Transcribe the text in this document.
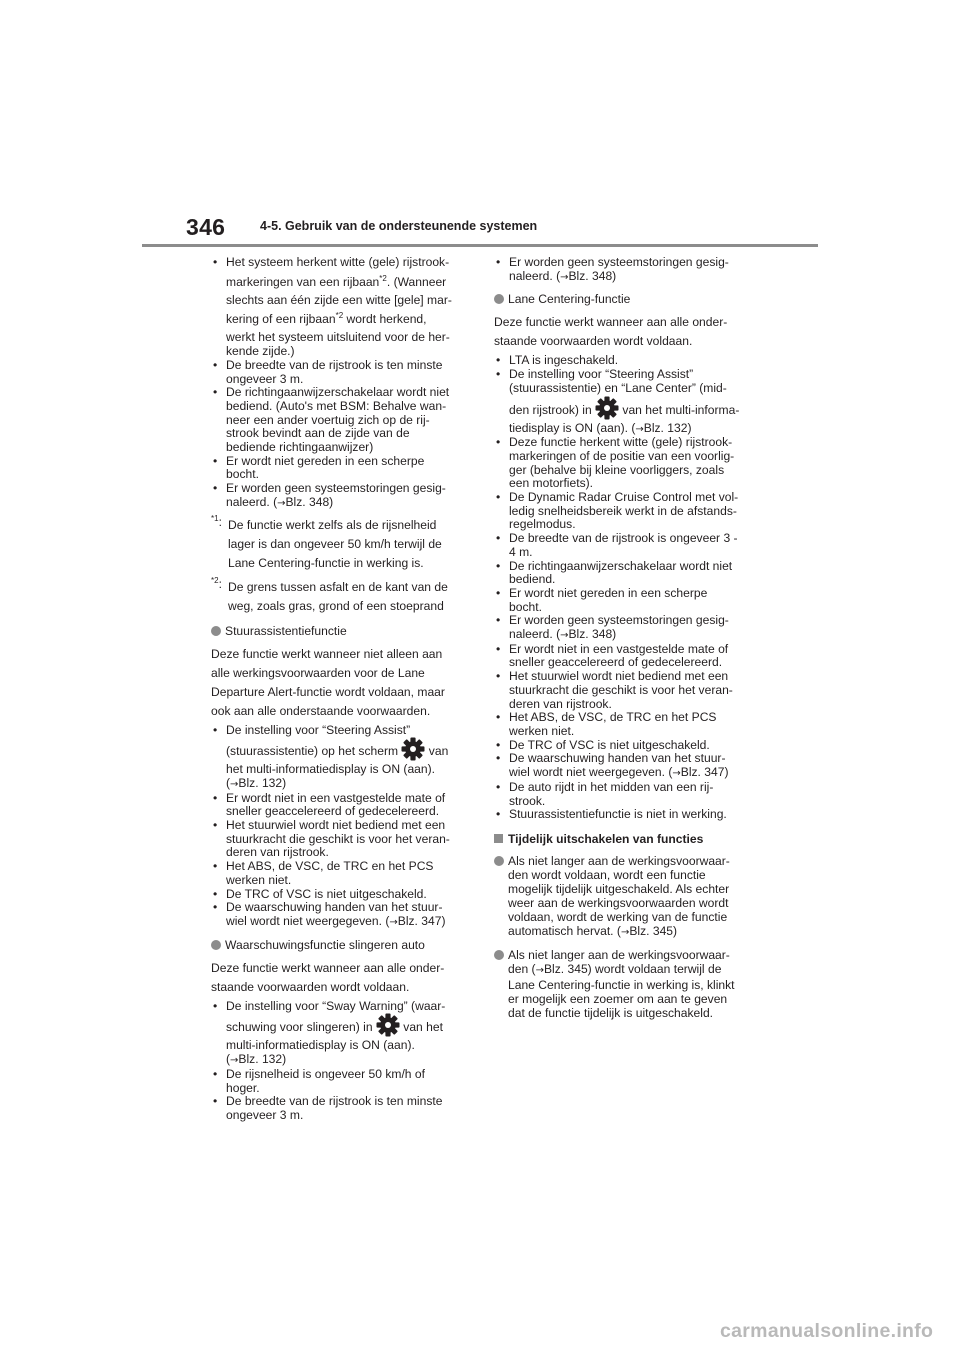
346	4-5. Gebruik van de ondersteunende systemen
• Het systeem herkent witte (gele) rijstrook-
markeringen van een rijbaan$^{*2}$. (Wanneer
slechts aan één zijde een witte [gele] mar-
kering of een rijbaan$^{*2}$ wordt herkend,
werkt het systeem uitsluitend voor de her-
kende zijde.)
• De breedte van de rijstrook is ten minste
ongeveer 3 m.
• De richtingaanwijzerschakelaar wordt niet
bediend. (Auto's met BSM: Behalve wan-
neer een ander voertuig zich op de rij-
strook bevindt aan de zijde van de
bediende richtingaanwijzer)
• Er wordt niet gereden in een scherpe
bocht.
• Er worden geen systeemstoringen gesig-
naleerd. (→Blz. 348)
$^{*1}$: De functie werkt zelfs als de rijsnelheid
lager is dan ongeveer 50 km/h terwijl de
Lane Centering-functie in werking is.
$^{*2}$: De grens tussen asfalt en de kant van de
weg, zoals gras, grond of een stoeprand
Stuurassistentiefunctie
Deze functie werkt wanneer niet alleen aan
alle werkingsvoorwaarden voor de Lane
Departure Alert-functie wordt voldaan, maar
ook aan alle onderstaande voorwaarden.
• De instelling voor “Steering Assist”
(stuurassistentie) op het scherm
van
het multi-informatiedisplay is ON (aan).
(→Blz. 132)
• Er wordt niet in een vastgestelde mate of
sneller geaccelereerd of gedecelereerd.
• Het stuurwiel wordt niet bediend met een
stuurkracht die geschikt is voor het veran-
deren van rijstrook.
• Het ABS, de VSC, de TRC en het PCS
werken niet.
• De TRC of VSC is niet uitgeschakeld.
• De waarschuwing handen van het stuur-
wiel wordt niet weergegeven. (→Blz. 347)
Waarschuwingsfunctie slingeren auto
Deze functie werkt wanneer aan alle onder-
staande voorwaarden wordt voldaan.
• De instelling voor “Sway Warning” (waar-
schuwing voor slingeren) in
van het
multi-informatiedisplay is ON (aan).
(→Blz. 132)
• De rijsnelheid is ongeveer 50 km/h of
hoger.
• De breedte van de rijstrook is ten minste
ongeveer 3 m.
• Er worden geen systeemstoringen gesig-
naleerd. (→Blz. 348)
Lane Centering-functie
Deze functie werkt wanneer aan alle onder-
staande voorwaarden wordt voldaan.
• LTA is ingeschakeld.
• De instelling voor “Steering Assist”
(stuurassistentie) en “Lane Center” (mid-
den rijstrook) in
van het multi-informa-
tiedisplay is ON (aan). (→Blz. 132)
• Deze functie herkent witte (gele) rijstrook-
markeringen of de positie van een voorlig-
ger (behalve bij kleine voorliggers, zoals
een motorfiets).
• De Dynamic Radar Cruise Control met vol-
ledig snelheidsbereik werkt in de afstands-
regelmodus.
• De breedte van de rijstrook is ongeveer 3 -
4 m.
• De richtingaanwijzerschakelaar wordt niet
bediend.
• Er wordt niet gereden in een scherpe
bocht.
• Er worden geen systeemstoringen gesig-
naleerd. (→Blz. 348)
• Er wordt niet in een vastgestelde mate of
sneller geaccelereerd of gedecelereerd.
• Het stuurwiel wordt niet bediend met een
stuurkracht die geschikt is voor het veran-
deren van rijstrook.
• Het ABS, de VSC, de TRC en het PCS
werken niet.
• De TRC of VSC is niet uitgeschakeld.
• De waarschuwing handen van het stuur-
wiel wordt niet weergegeven. (→Blz. 347)
• De auto rijdt in het midden van een rij-
strook.
• Stuurassistentiefunctie is niet in werking.
Tijdelijk uitschakelen van functies
Als niet langer aan de werkingsvoorwaar-
den wordt voldaan, wordt een functie
mogelijk tijdelijk uitgeschakeld. Als echter
weer aan de werkingsvoorwaarden wordt
voldaan, wordt de werking van de functie
automatisch hervat. (→Blz. 345)
Als niet langer aan de werkingsvoorwaar-
den (→Blz. 345) wordt voldaan terwijl de
Lane Centering-functie in werking is, klinkt
er mogelijk een zoemer om aan te geven
dat de functie tijdelijk is uitgeschakeld.
carmanualsonline.info
